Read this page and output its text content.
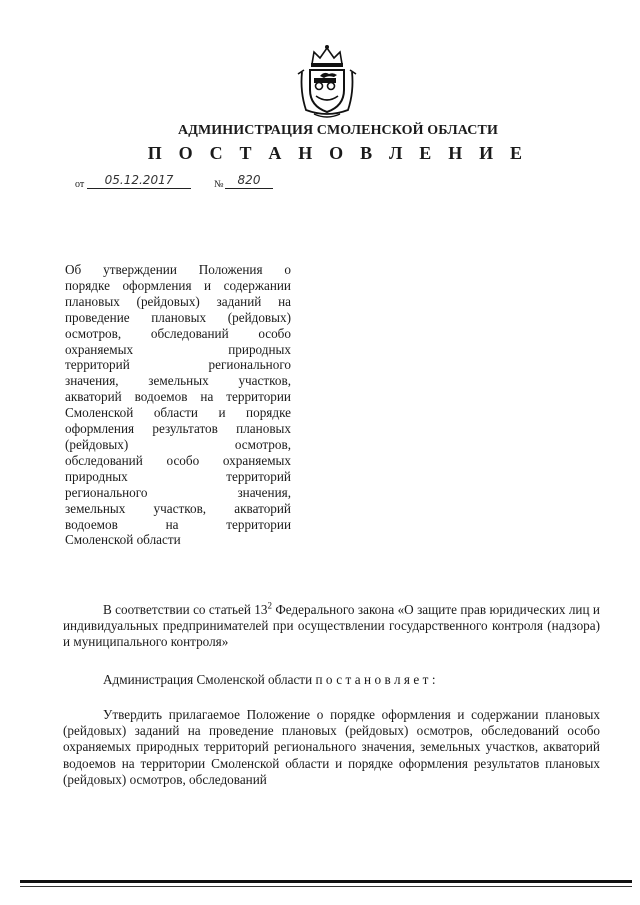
АДМИНИСТРАЦИЯ СМОЛЕНСКОЙ ОБЛАСТИ
П О С Т А Н О В Л Е Н И Е
от	05.12.2017	№	820
Об утверждении Положения о
порядке оформления и содержании
плановых (рейдовых) заданий на
проведение плановых (рейдовых)
осмотров, обследований особо
охраняемых природных
территорий регионального
значения, земельных участков,
акваторий водоемов на территории
Смоленской области и порядке
оформления результатов плановых
(рейдовых) осмотров,
обследований особо охраняемых
природных территорий
регионального значения,
земельных участков, акваторий
водоемов на территории
Смоленской области
В соответствии со статьей $13^2$ Федерального закона «О защите прав юридических лиц и индивидуальных предпринимателей при осуществлении государственного контроля (надзора) и муниципального контроля»
Администрация Смоленской области постановляет:
Утвердить прилагаемое Положение о порядке оформления и содержании плановых (рейдовых) заданий на проведение плановых (рейдовых) осмотров, обследований особо охраняемых природных территорий регионального значения, земельных участков, акваторий водоемов на территории Смоленской области и порядке оформления результатов плановых (рейдовых) осмотров, обследований
